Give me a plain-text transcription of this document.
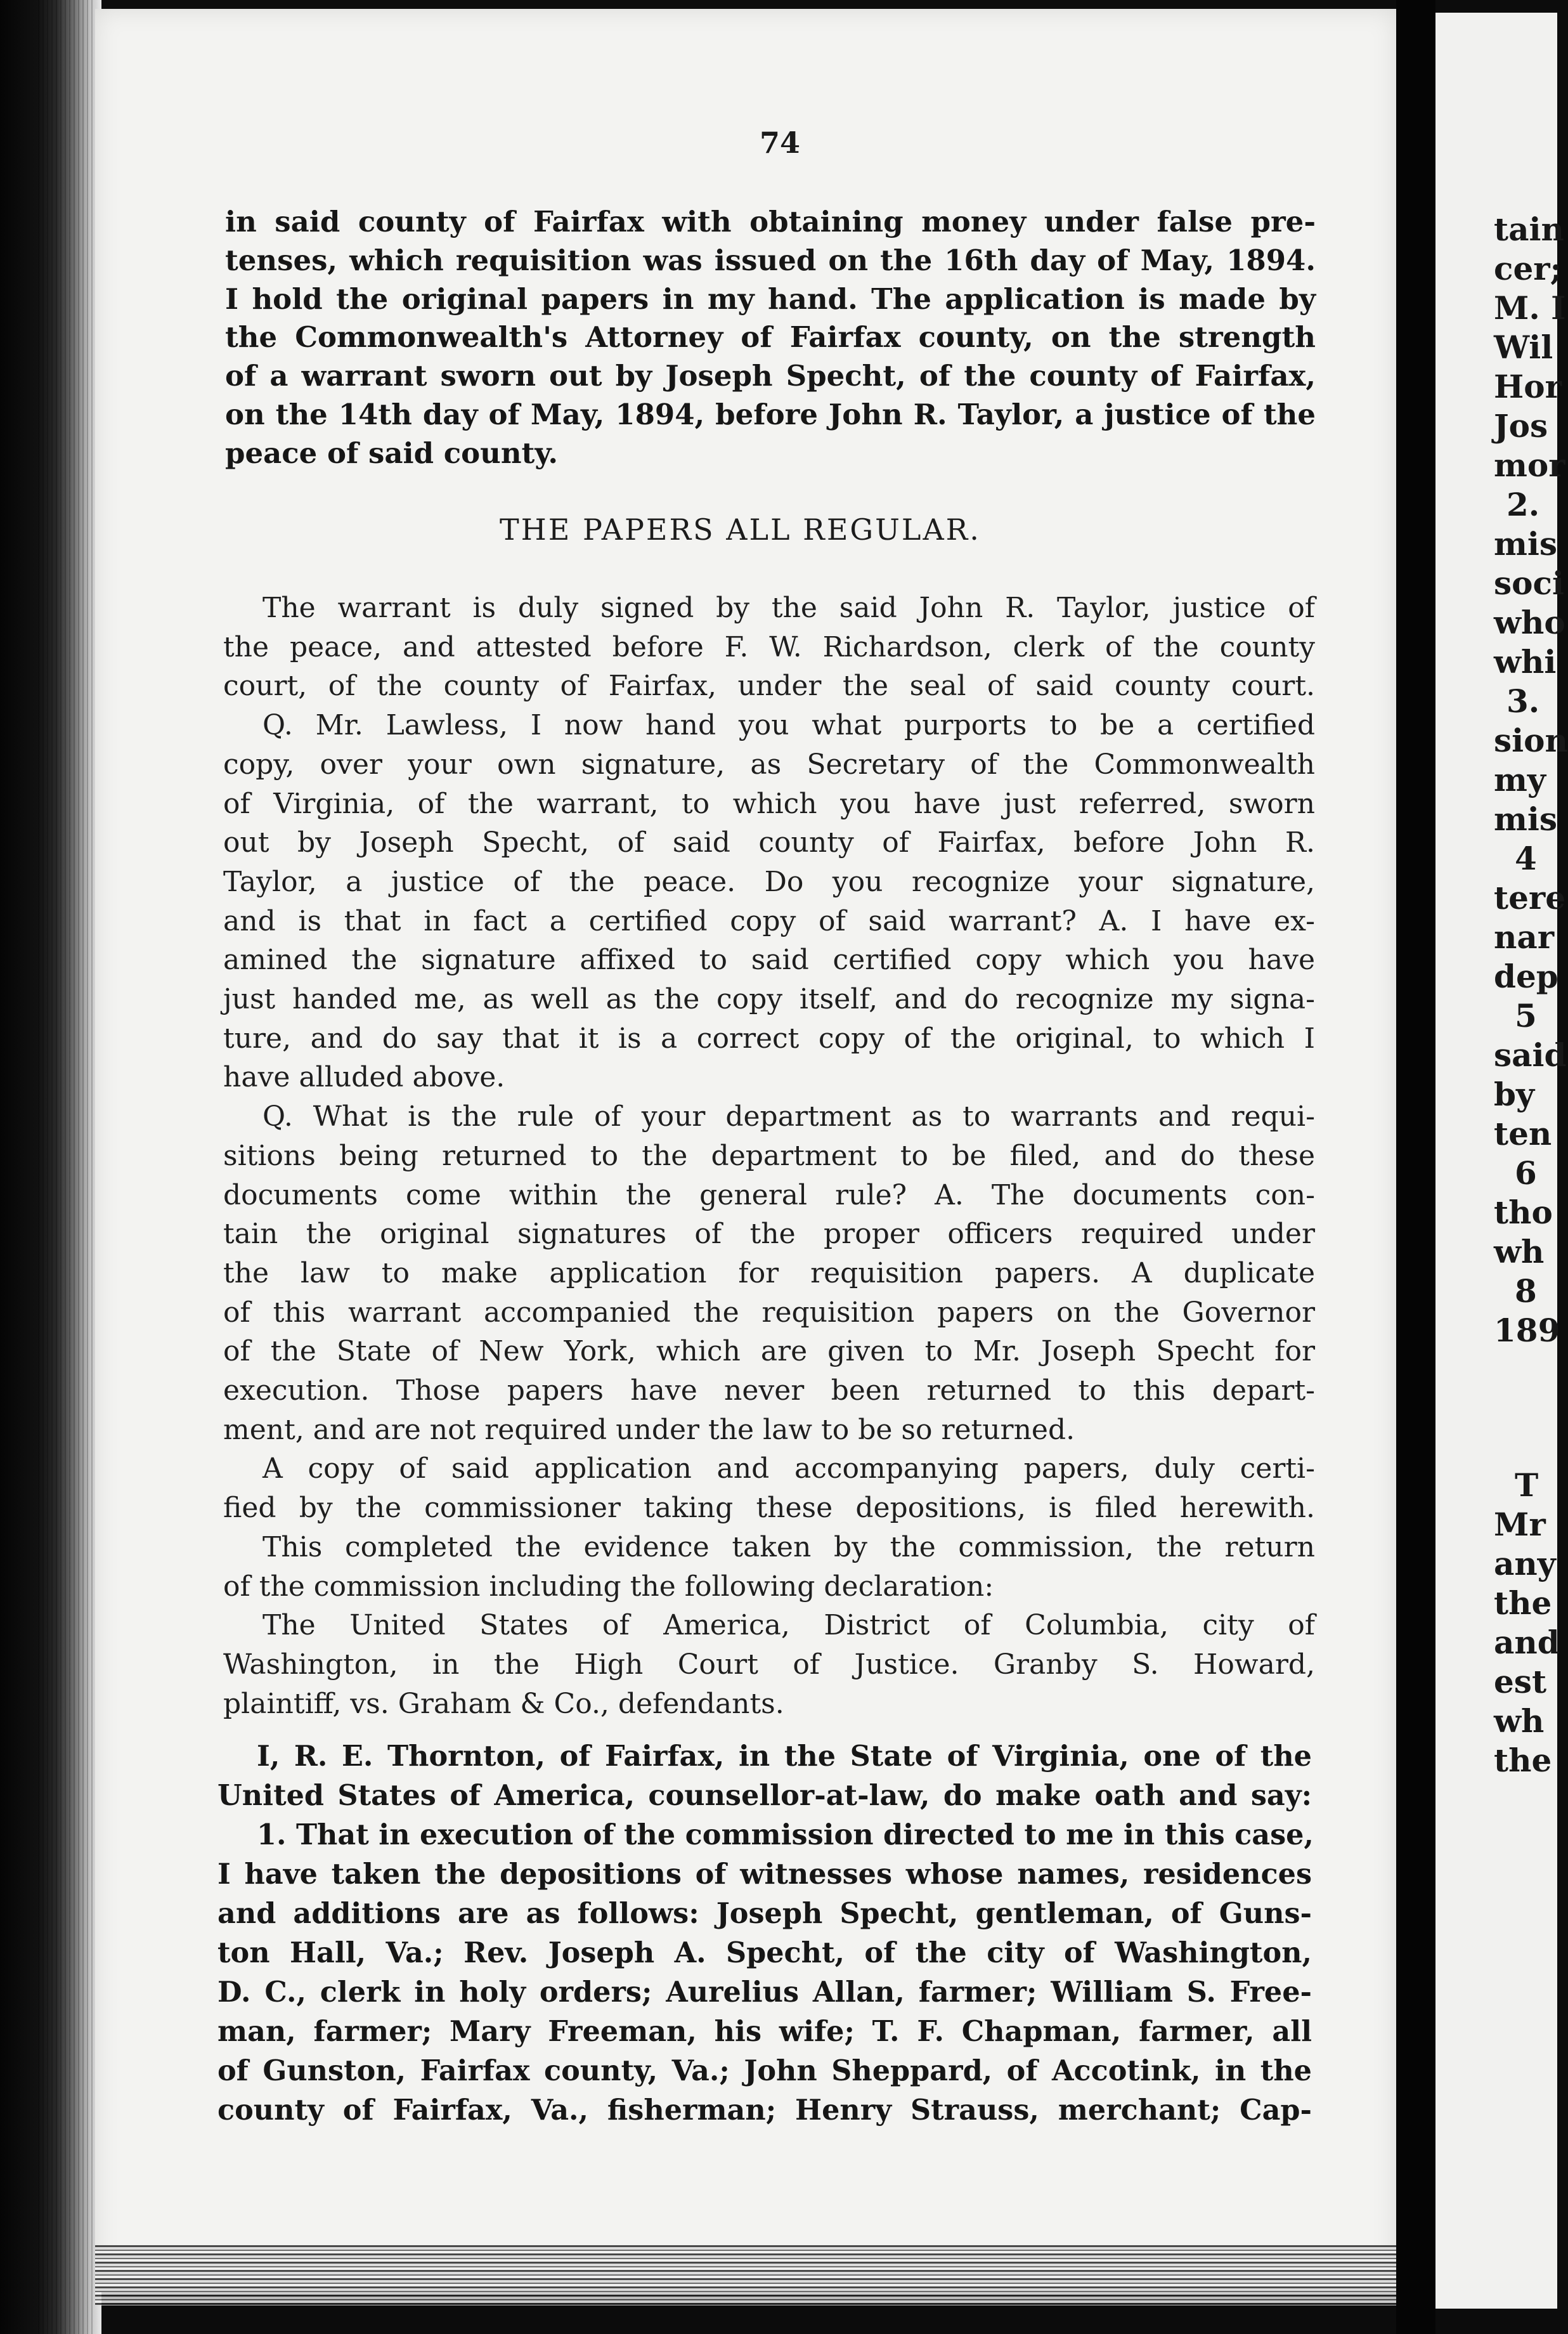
74
in said county of Fairfax with obtaining money under false pre-
tenses, which requisition was issued on the 16th day of May, 1894.
I hold the original papers in my hand. The application is made by
the Commonwealth's Attorney of Fairfax county, on the strength
of a warrant sworn out by Joseph Specht, of the county of Fairfax,
on the 14th day of May, 1894, before John R. Taylor, a justice of the
peace of said county.
THE PAPERS ALL REGULAR.
The warrant is duly signed by the said John R. Taylor, justice of
the peace, and attested before F. W. Richardson, clerk of the county
court, of the county of Fairfax, under the seal of said county court.
Q. Mr. Lawless, I now hand you what purports to be a certified
copy, over your own signature, as Secretary of the Commonwealth
of Virginia, of the warrant, to which you have just referred, sworn
out by Joseph Specht, of said county of Fairfax, before John R.
Taylor, a justice of the peace. Do you recognize your signature,
and is that in fact a certified copy of said warrant? A. I have ex-
amined the signature affixed to said certified copy which you have
just handed me, as well as the copy itself, and do recognize my signa-
ture, and do say that it is a correct copy of the original, to which I
have alluded above.
Q. What is the rule of your department as to warrants and requi-
sitions being returned to the department to be filed, and do these
documents come within the general rule? A. The documents con-
tain the original signatures of the proper officers required under
the law to make application for requisition papers. A duplicate
of this warrant accompanied the requisition papers on the Governor
of the State of New York, which are given to Mr. Joseph Specht for
execution. Those papers have never been returned to this depart-
ment, and are not required under the law to be so returned.
A copy of said application and accompanying papers, duly certi-
fied by the commissioner taking these depositions, is filed herewith.
This completed the evidence taken by the commission, the return
of the commission including the following declaration:
The United States of America, District of Columbia, city of
Washington, in the High Court of Justice. Granby S. Howard,
plaintiff, vs. Graham & Co., defendants.
I, R. E. Thornton, of Fairfax, in the State of Virginia, one of the
United States of America, counsellor-at-law, do make oath and say:
1. That in execution of the commission directed to me in this case,
I have taken the depositions of witnesses whose names, residences
and additions are as follows: Joseph Specht, gentleman, of Guns-
ton Hall, Va.; Rev. Joseph A. Specht, of the city of Washington,
D. C., clerk in holy orders; Aurelius Allan, farmer; William S. Free-
man, farmer; Mary Freeman, his wife; T. F. Chapman, farmer, all
of Gunston, Fairfax county, Va.; John Sheppard, of Accotink, in the
county of Fairfax, Va., fisherman; Henry Strauss, merchant; Cap-
tain
cer;
M. I
Wil
Hor
Jos
mor
2.
mis
soci
who
whi
3.
sion
my
mis
4
tere
nar
dep
5
said
by
ten
6
tho
wh
8
189
T
Mr
any
the
and
est
wh
the
